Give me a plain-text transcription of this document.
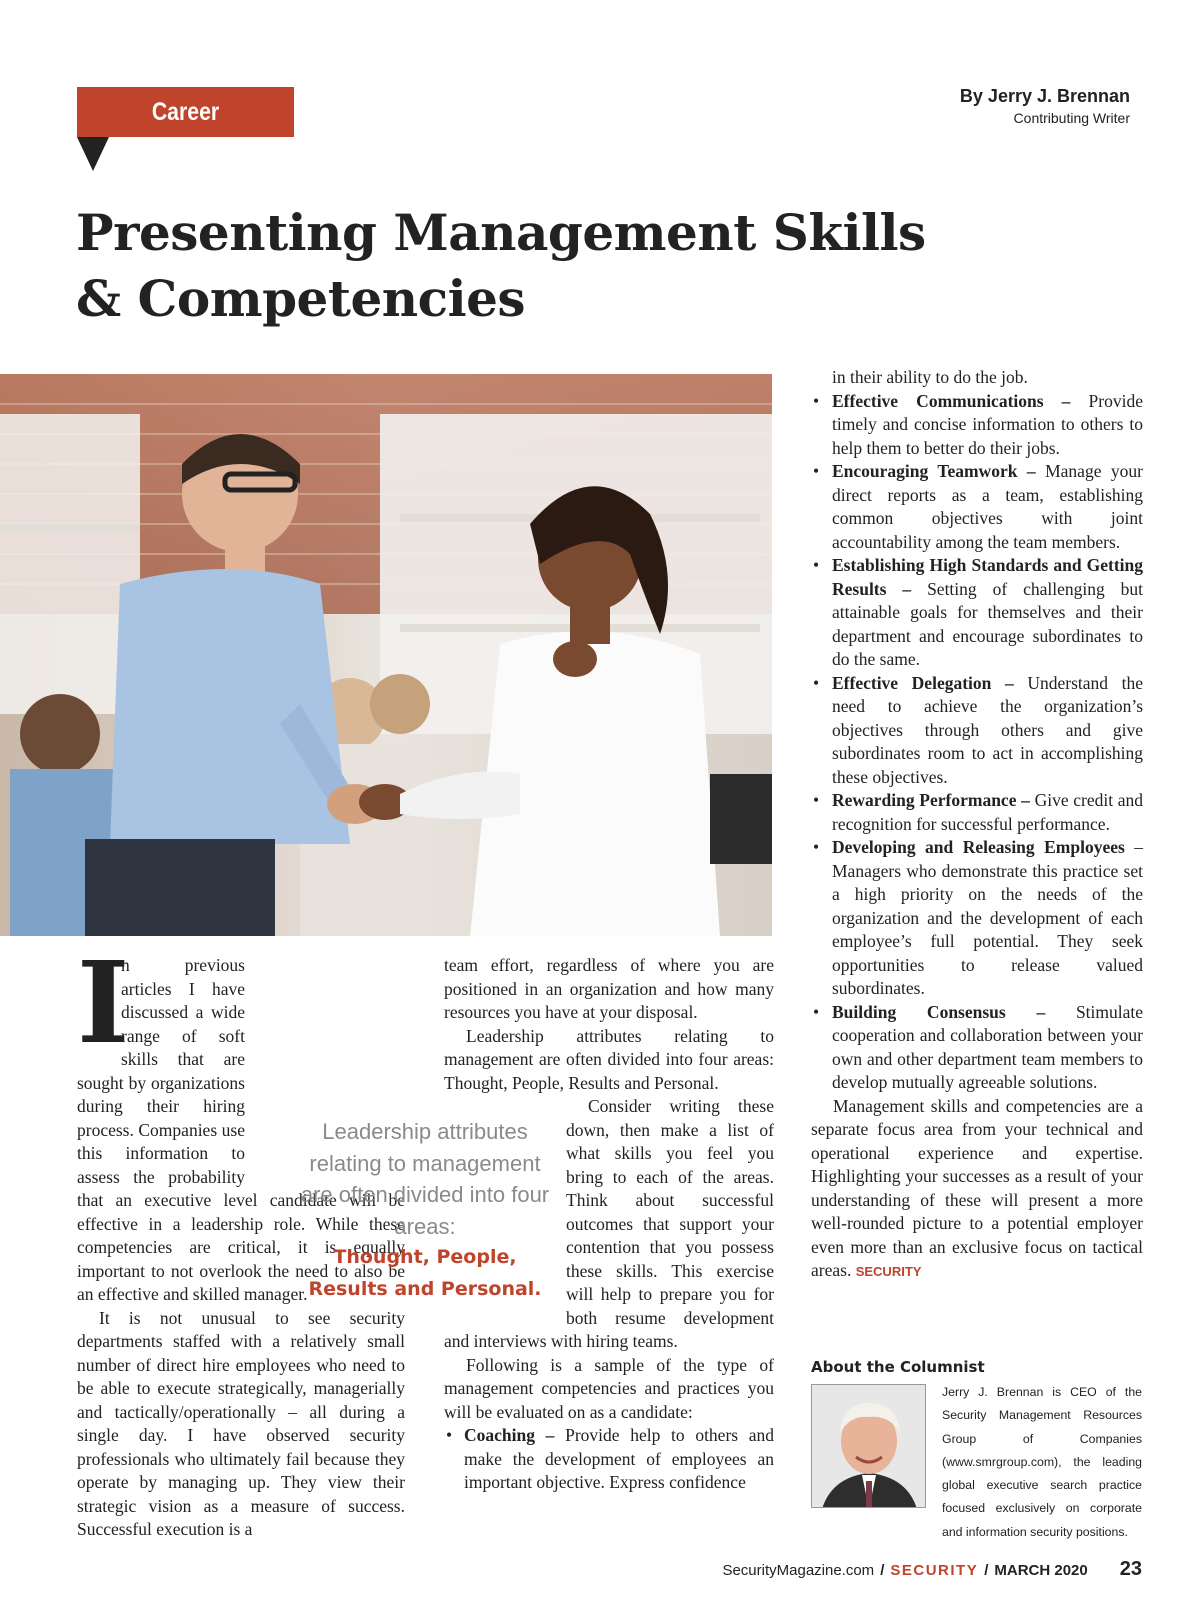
Career Intelligence
By Jerry J. Brennan
Contributing Writer
Presenting Management Skills
& Competencies
I

n previous articles I have discussed a wide range of soft skills that are sought by organizations during their hiring process. Companies use this information to assess the probability that an executive level candidate will be effective in a leadership role. While these competencies are critical, it is equally important to not overlook the need to also be an effective and skilled manager.

It is not unusual to see security departments staffed with a relatively small number of direct hire employees who need to be able to execute strategically, managerially and tactically/operationally – all during a single day. I have observed security professionals who ultimately fail because they operate by managing up. They view their strategic vision as a measure of success. Successful execution is a

team effort, regardless of where you are positioned in an organization and how many resources you have at your disposal.

Leadership attributes relating to management are often divided into four areas: Thought, People, Results and Personal.

Consider writing these down, then make a list of what skills you feel you bring to each of the areas. Think about successful outcomes that support your contention that you possess these skills. This exercise will help to prepare you for both resume development and interviews with hiring teams.

Following is a sample of the type of management competencies and practices you will be evaluated on as a candidate:

• Coaching – Provide help to others and make the development of employees an important objective. Express confidence
Leadership attributes relating to management are often divided into four areas:
Thought, People, Results and Personal.

in their ability to do the job.

• Effective Communications – Provide timely and concise information to others to help them to better do their jobs.
• Encouraging Teamwork – Manage your direct reports as a team, establishing common objectives with joint accountability among the team members.
• Establishing High Standards and Getting Results – Setting of challenging but attainable goals for themselves and their department and encourage subordinates to do the same.
• Effective Delegation – Understand the need to achieve the organization’s objectives through others and give subordinates room to act in accomplishing these objectives.
• Rewarding Performance – Give credit and recognition for successful performance.
• Developing and Releasing Employees – Managers who demonstrate this practice set a high priority on the needs of the organization and the development of each employee’s full potential. They seek opportunities to release valued subordinates.
• Building Consensus – Stimulate cooperation and collaboration between your own and other department team members to develop mutually agreeable solutions.

Management skills and competencies are a separate focus area from your technical and operational experience and expertise. Highlighting your successes as a result of your understanding of these will present a more well-rounded picture to a potential employer even more than an exclusive focus on tactical areas. SECURITY

About the Columnist
Jerry J. Brennan is CEO of the Security Management Resources Group of Companies (www.smrgroup.com), the leading global executive search practice focused exclusively on corporate and information security positions.
SecurityMagazine.com / SECURITY / MARCH 2020 23
